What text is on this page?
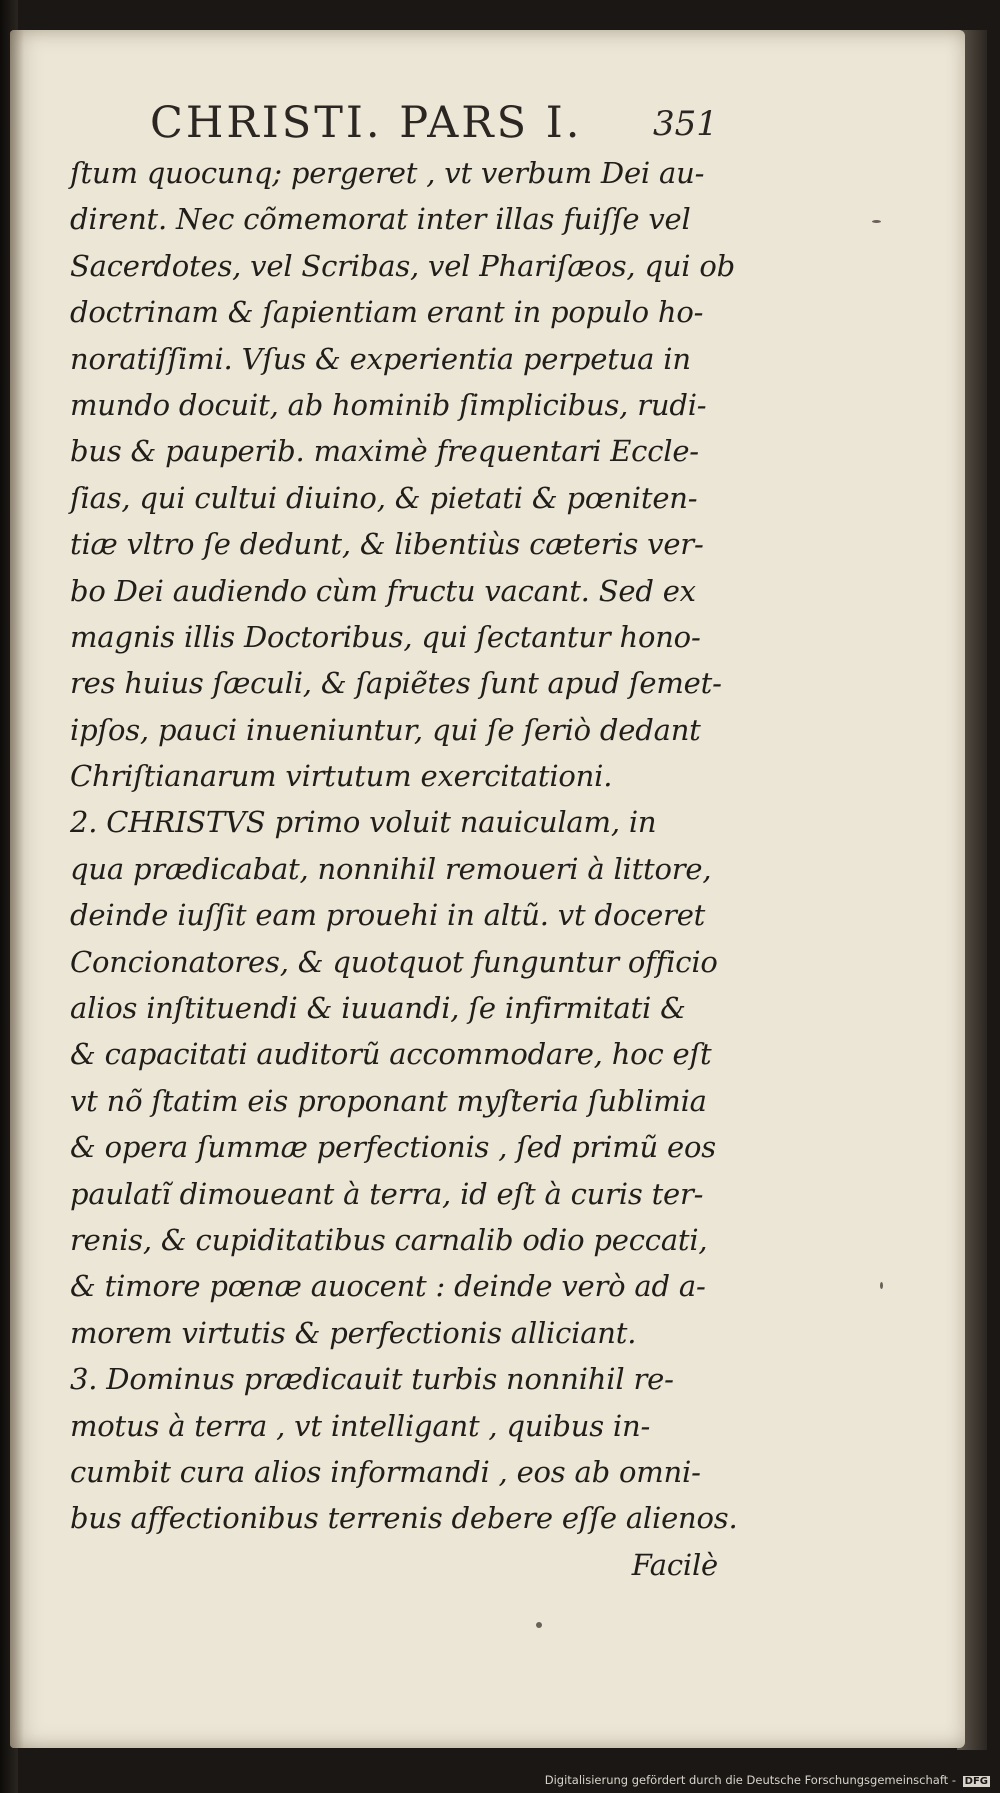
CHRISTI. PARS I.	351
ſtum quocunq; pergeret , vt verbum Dei au-
dirent. Nec cõmemorat inter illas fuiſſe vel
Sacerdotes, vel Scribas, vel Phariſæos, qui ob
doctrinam & ſapientiam erant in populo ho-
noratiſſimi. Vſus & experientia perpetua in
mundo docuit, ab hominib ſimplicibus, rudi-
bus & pauperib. maximè frequentari Eccle-
ſias, qui cultui diuino, & pietati & pœniten-
tiæ vltro ſe dedunt, & libentiùs cæteris ver-
bo Dei audiendo cùm fructu vacant. Sed ex
magnis illis Doctoribus, qui ſectantur hono-
res huius ſæculi, & ſapiẽtes ſunt apud ſemet-
ipſos, pauci inueniuntur, qui ſe ſeriò dedant
Chriſtianarum virtutum exercitationi.
2. CHRISTVS primo voluit nauiculam, in
qua prædicabat, nonnihil remoueri à littore,
deinde iuſſit eam prouehi in altũ. vt doceret
Concionatores, & quotquot funguntur officio
alios inſtituendi & iuuandi, ſe infirmitati &
& capacitati auditorũ accommodare, hoc eſt
vt nõ ſtatim eis proponant myſteria ſublimia
& opera ſummæ perfectionis , ſed primũ eos
paulatĩ dimoueant à terra, id eſt à curis ter-
renis, & cupiditatibus carnalib odio peccati,
& timore pœnæ auocent : deinde verò ad a-
morem virtutis & perfectionis alliciant.
3. Dominus prædicauit turbis nonnihil re-
motus à terra , vt intelligant , quibus in-
cumbit cura alios informandi , eos ab omni-
bus affectionibus terrenis debere eſſe alienos.
Facilè
Digitalisierung gefördert durch die Deutsche Forschungsgemeinschaft - DFG
